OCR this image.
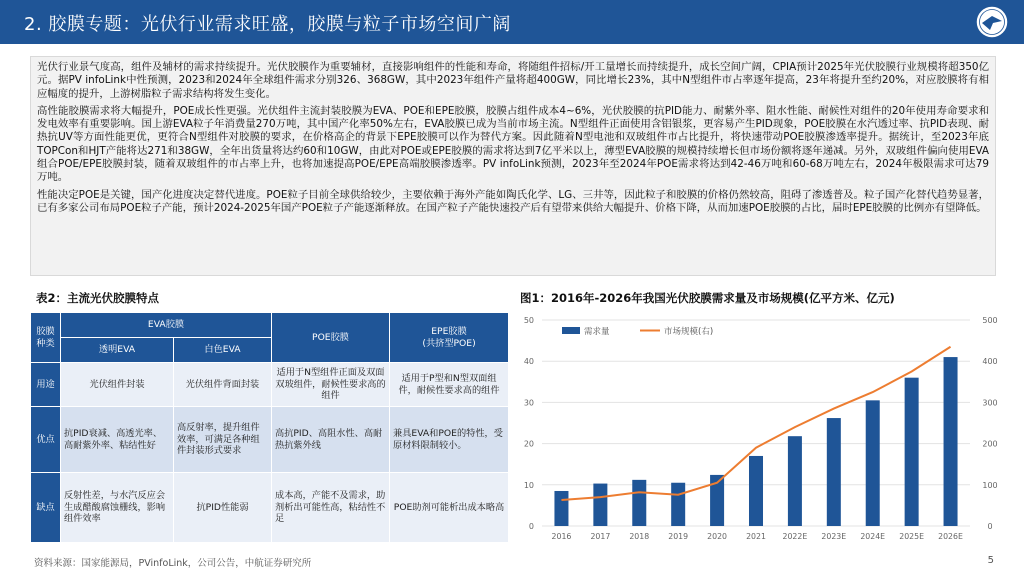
2. 胶膜专题：光伏行业需求旺盛，胶膜与粒子市场空间广阔

光伏行业景气度高，组件及辅材的需求持续提升。光伏胶膜作为重要辅材，直接影响组件的性能和寿命，将随组件招标/开工量增长而持续提升，成长空间广阔，CPIA预计2025年光伏胶膜行业规模将超350亿元。据PV infoLink中性预测，2023和2024年全球组件需求分别326、368GW，其中2023年组件产量将超400GW，同比增长23%，其中N型组件市占率逐年提高，23年将提升至约20%，对应胶膜将有相应幅度的提升，上游树脂粒子需求结构将发生变化。

高性能胶膜需求将大幅提升，POE成长性更强。光伏组件主流封装胶膜为EVA、POE和EPE胶膜，胶膜占组件成本4~6%，光伏胶膜的抗PID能力、耐紫外率、阻水性能、耐候性对组件的20年使用寿命要求和发电效率有重要影响。国上游EVA粒子年消费量270万吨，其中国产化率50%左右，EVA胶膜已成为当前市场主流。N型组件正面使用含铝银浆，更容易产生PID现象，POE胶膜在水汽透过率、抗PID表现、耐热抗UV等方面性能更优，更符合N型组件对胶膜的要求，在价格高企的背景下EPE胶膜可以作为替代方案。因此随着N型电池和双玻组件市占比提升，将快速带动POE胶膜渗透率提升。据统计，至2023年底TOPCon和HJT产能将达271和38GW，全年出货量将达约60和10GW，由此对POE或EPE胶膜的需求将达到7亿平米以上，薄型EVA胶膜的规模持续增长但市场份额将逐年递减。另外，双玻组件偏向使用EVA组合POE/EPE胶膜封装，随着双玻组件的市占率上升，也将加速提高POE/EPE高端胶膜渗透率。PV infoLink预测，2023年至2024年POE需求将达到42-46万吨和60-68万吨左右，2024年极限需求可达79万吨。

性能决定POE是关键，国产化进度决定替代进度。POE粒子目前全球供给较少，主要依赖于海外产能如陶氏化学、LG、三井等，因此粒子和胶膜的价格仍然较高，阻碍了渗透普及。粒子国产化替代趋势显著，已有多家公司布局POE粒子产能，预计2024-2025年国产POE粒子产能逐渐释放。在国产粒子产能快速投产后有望带来供给大幅提升、价格下降，从而加速POE胶膜的占比，届时EPE胶膜的比例亦有望降低。

表2：主流光伏胶膜特点	图1：2016年-2026年我国光伏胶膜需求量及市场规模(亿平方米、亿元)
胶膜
种类	EVA胶膜		POE胶膜	EPE胶膜
(共挤型POE)
	透明EVA	白色EVA		
用途	光伏组件封装	光伏组件背面封装	适用于N型组件正面及双面双玻组件，耐候性要求高的组件	适用于P型和N型双面组件，耐候性要求高的组件
优点	抗PID衰减、高透光率、高耐紫外率、粘结性好	高反射率，提升组件效率，可满足各种组件封装形式要求	高抗PID、高阻水性、高耐热抗紫外线	兼具EVA和POE的特性，受原材料限制较小。
缺点	反射性差，与水汽反应会生成醋酸腐蚀栅线，影响组件效率	抗PID性能弱	成本高，产能不及需求，助剂析出可能性高，粘结性不足	POE助剂可能析出成本略高
0
10
20
30
40
50
0
100
200
300
400
500
2016 2017 2018 2019 2020 2021 2022E 2023E 2024E 2025E 2026E
需求量	市场规模(右)
资料来源：国家能源局，PVinfoLink，公司公告，中航证券研究所	5
